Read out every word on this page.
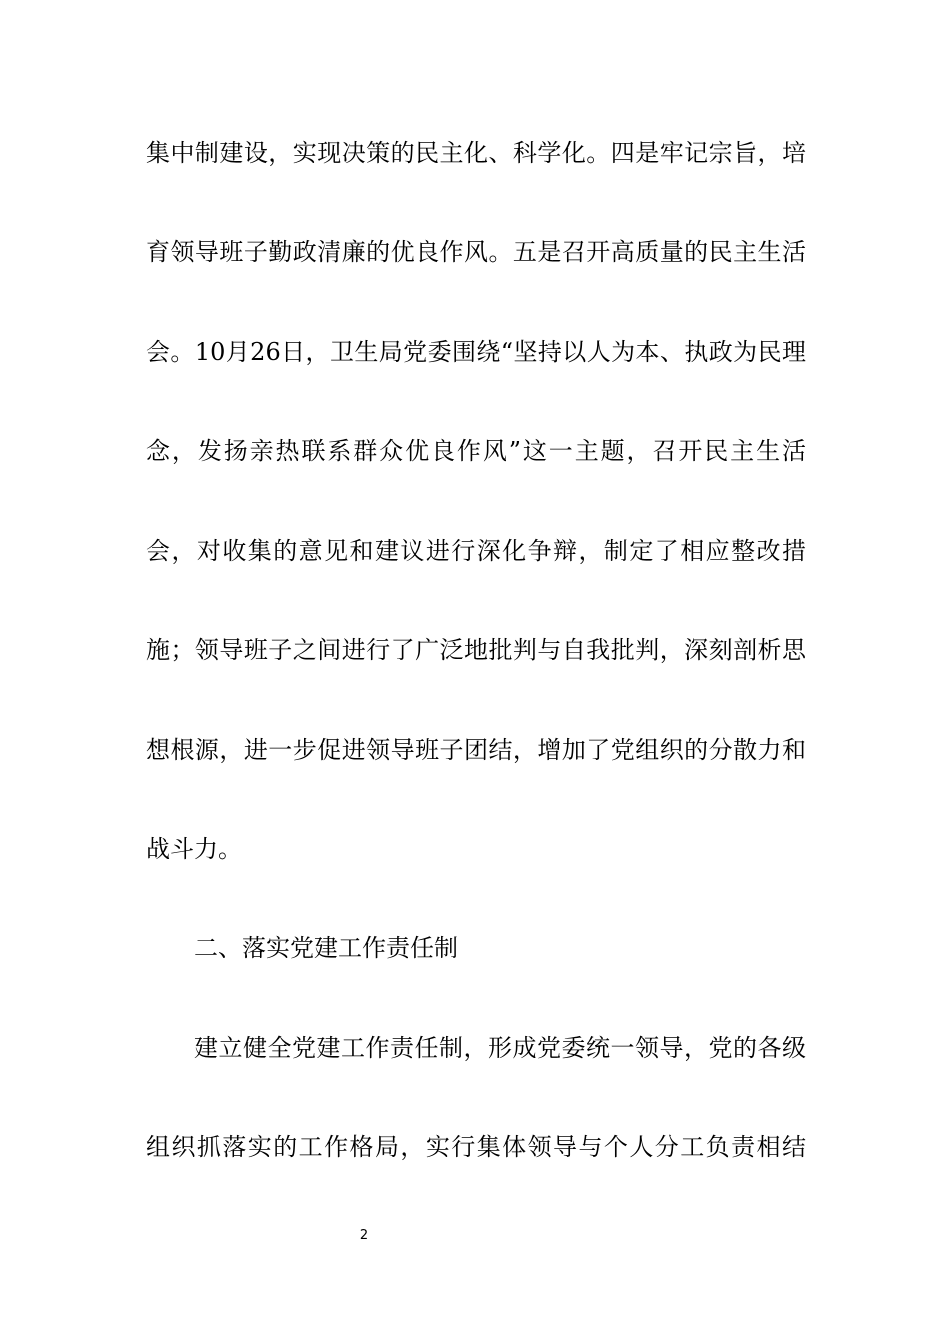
集中制建设，实现决策的民主化、科学化。四是牢记宗旨，培
育领导班子勤政清廉的优良作风。五是召开高质量的民主生活
会。10月26日，卫生局党委围绕“坚持以人为本、执政为民理
念，发扬亲热联系群众优良作风”这一主题，召开民主生活
会，对收集的意见和建议进行深化争辩，制定了相应整改措
施；领导班子之间进行了广泛地批判与自我批判，深刻剖析思
想根源，进一步促进领导班子团结，增加了党组织的分散力和
战斗力。
二、落实党建工作责任制
建立健全党建工作责任制，形成党委统一领导，党的各级
组织抓落实的工作格局，实行集体领导与个人分工负责相结
2
